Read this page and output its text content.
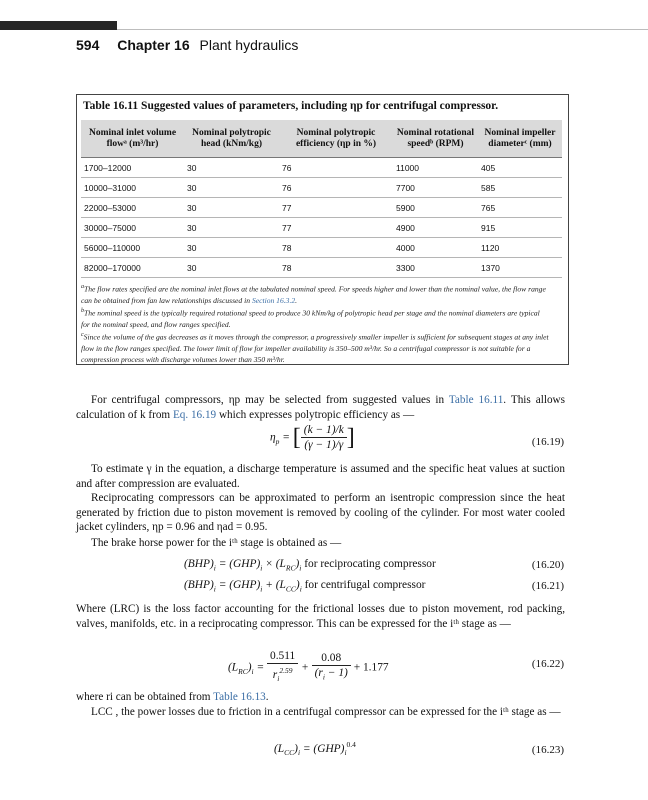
594 Chapter 16 Plant hydraulics
Table 16.11 Suggested values of parameters, including ηp for centrifugal compressor.
Nominal inlet volume flowᵃ (m³/hr)	Nominal polytropic head (kNm/kg)	Nominal polytropic efficiency (ηp in %)	Nominal rotational speedᵇ (RPM)	Nominal impeller diameterᶜ (mm)
1700–12000	30	76	11000	405
10000–31000	30	76	7700	585
22000–53000	30	77	5900	765
30000–75000	30	77	4900	915
56000–110000	30	78	4000	1120
82000–170000	30	78	3300	1370
$^a$The flow rates specified are the nominal inlet flows at the tabulated nominal speed. For speeds higher and lower than the nominal value, the flow range can be obtained from fan law relationships discussed in Section 16.3.2.
$^b$The nominal speed is the typically required rotational speed to produce 30 kNm/kg of polytropic head per stage and the nominal diameters are typical for the nominal speed, and flow ranges specified.
$^c$Since the volume of the gas decreases as it moves through the compressor, a progressively smaller impeller is sufficient for subsequent stages at any inlet flow in the flow ranges specified. The lower limit of flow for impeller availability is 350–500 m³/hr. So a centrifugal compressor is not suitable for a compression process with discharge volumes lower than 350 m³/hr.
For centrifugal compressors, ηp may be selected from suggested values in Table 16.11. This allows calculation of k from Eq. 16.19 which expresses polytropic efficiency as —
$\eta_p$ = [ $\frac{(k - 1)/k}{(\gamma - 1)/\gamma}$ ]	(16.19)
To estimate γ in the equation, a discharge temperature is assumed and the specific heat values at suction and after compression are evaluated.
Reciprocating compressors can be approximated to perform an isentropic compression since the heat generated by friction due to piston movement is removed by cooling of the cylinder. For most water cooled jacket cylinders, ηp = 0.96 and ηad = 0.95.
The brake horse power for the iᵗʰ stage is obtained as —
$(BHP)_i = (GHP)_i \times (L_{RC})_i$ for reciprocating compressor	(16.20)
$(BHP)_i = (GHP)_i + (L_{CC})_i$ for centrifugal compressor	(16.21)
Where (LRC) is the loss factor accounting for the frictional losses due to piston movement, rod packing, valves, manifolds, etc. in a reciprocating compressor. This can be expressed for the iᵗʰ stage as —
$(L_{RC})_i = \frac{0.511}{r_i^{2.59}} + \frac{0.08}{(r_i - 1)} + 1.177$	(16.22)
where ri can be obtained from Table 16.13.
LCC , the power losses due to friction in a centrifugal compressor can be expressed for the iᵗʰ stage as —
$(L_{CC})_i = (GHP)_i^{0.4}$	(16.23)
